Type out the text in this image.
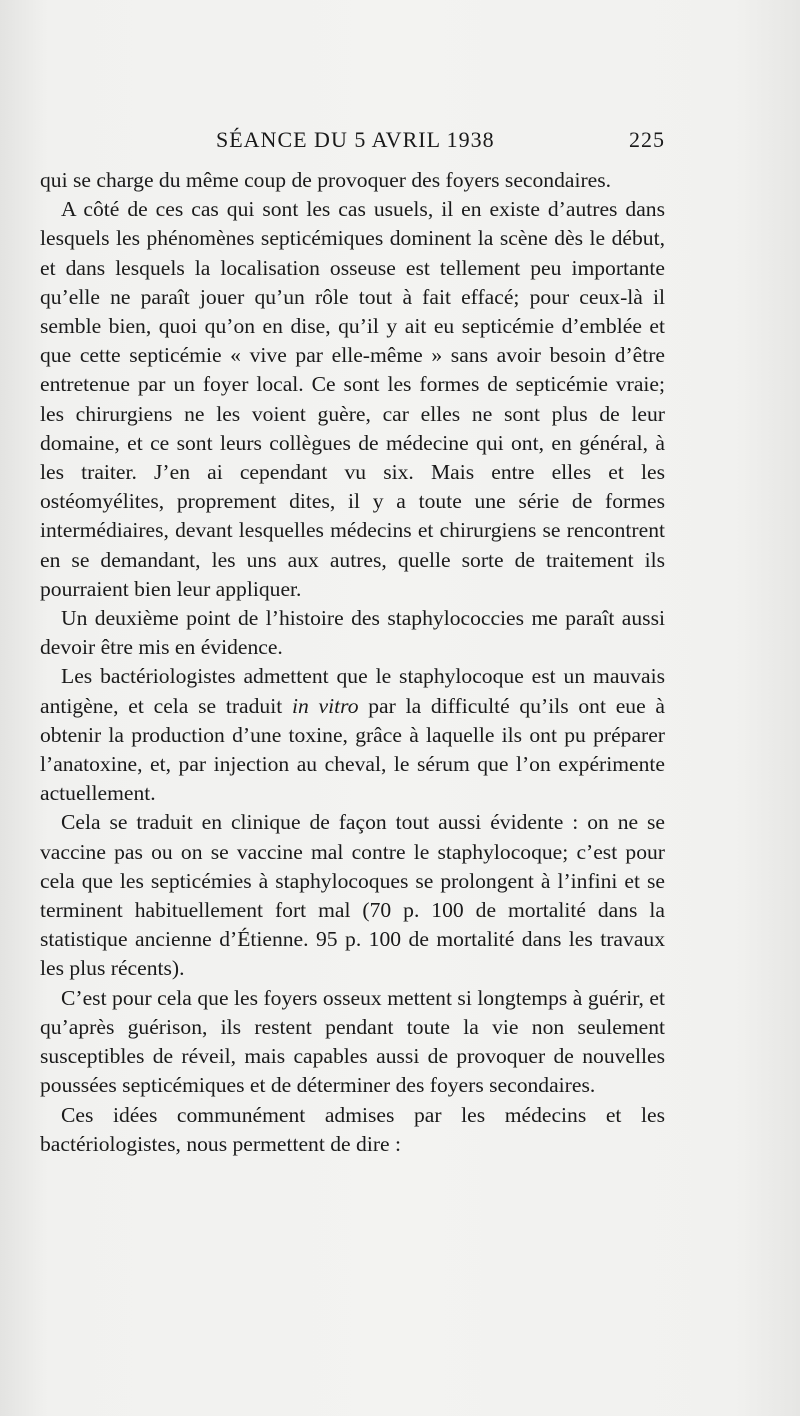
SÉANCE DU 5 AVRIL 1938	225

qui se charge du même coup de provoquer des foyers secondaires.

A côté de ces cas qui sont les cas usuels, il en existe d’autres dans lesquels les phénomènes septicémiques dominent la scène dès le début, et dans lesquels la localisation osseuse est tellement peu importante qu’elle ne paraît jouer qu’un rôle tout à fait effacé; pour ceux-là il semble bien, quoi qu’on en dise, qu’il y ait eu septicémie d’emblée et que cette septicémie « vive par elle-même » sans avoir besoin d’être entretenue par un foyer local. Ce sont les formes de septicémie vraie; les chirurgiens ne les voient guère, car elles ne sont plus de leur domaine, et ce sont leurs collègues de médecine qui ont, en général, à les traiter. J’en ai cependant vu six. Mais entre elles et les ostéomyélites, proprement dites, il y a toute une série de formes intermédiaires, devant lesquelles médecins et chirurgiens se rencontrent en se demandant, les uns aux autres, quelle sorte de traitement ils pourraient bien leur appliquer.

Un deuxième point de l’histoire des staphylococcies me paraît aussi devoir être mis en évidence.

Les bactériologistes admettent que le staphylocoque est un mauvais antigène, et cela se traduit in vitro par la difficulté qu’ils ont eue à obtenir la production d’une toxine, grâce à laquelle ils ont pu préparer l’anatoxine, et, par injection au cheval, le sérum que l’on expérimente actuellement.

Cela se traduit en clinique de façon tout aussi évidente : on ne se vaccine pas ou on se vaccine mal contre le staphylocoque; c’est pour cela que les septicémies à staphylocoques se prolongent à l’infini et se terminent habituellement fort mal (70 p. 100 de mortalité dans la statistique ancienne d’Étienne. 95 p. 100 de mortalité dans les travaux les plus récents).

C’est pour cela que les foyers osseux mettent si longtemps à guérir, et qu’après guérison, ils restent pendant toute la vie non seulement susceptibles de réveil, mais capables aussi de provoquer de nouvelles poussées septicémiques et de déterminer des foyers secondaires.

Ces idées communément admises par les médecins et les bactériologistes, nous permettent de dire :
